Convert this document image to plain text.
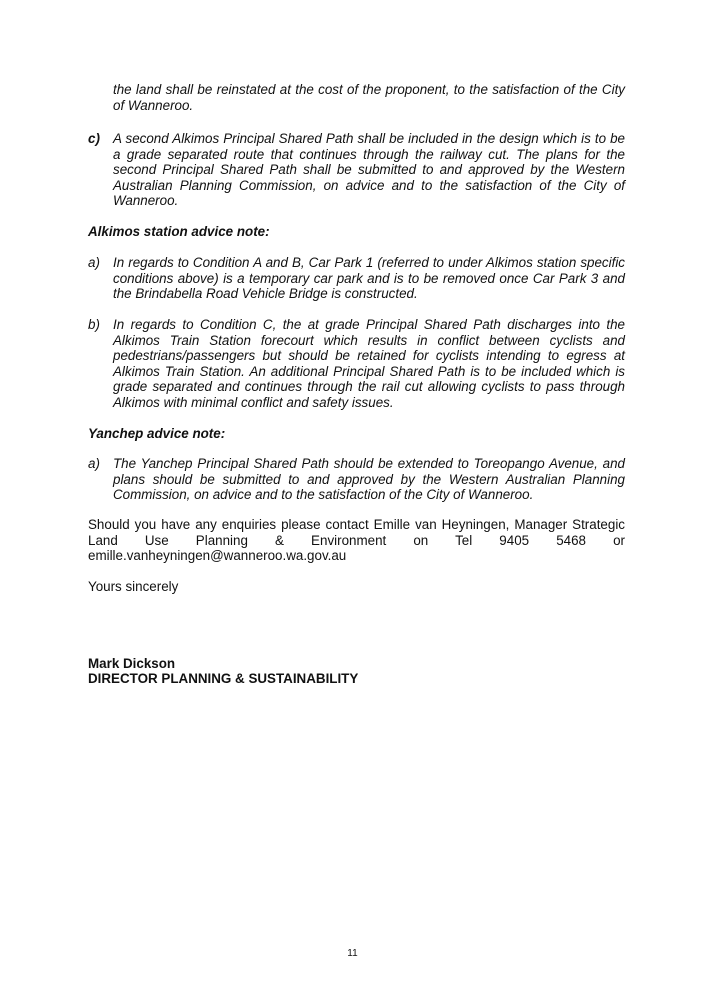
the land shall be reinstated at the cost of the proponent, to the satisfaction of the City of Wanneroo.
c) A second Alkimos Principal Shared Path shall be included in the design which is to be a grade separated route that continues through the railway cut. The plans for the second Principal Shared Path shall be submitted to and approved by the Western Australian Planning Commission, on advice and to the satisfaction of the City of Wanneroo.
Alkimos station advice note:
a) In regards to Condition A and B, Car Park 1 (referred to under Alkimos station specific conditions above) is a temporary car park and is to be removed once Car Park 3 and the Brindabella Road Vehicle Bridge is constructed.
b) In regards to Condition C, the at grade Principal Shared Path discharges into the Alkimos Train Station forecourt which results in conflict between cyclists and pedestrians/passengers but should be retained for cyclists intending to egress at Alkimos Train Station. An additional Principal Shared Path is to be included which is grade separated and continues through the rail cut allowing cyclists to pass through Alkimos with minimal conflict and safety issues.
Yanchep advice note:
a) The Yanchep Principal Shared Path should be extended to Toreopango Avenue, and plans should be submitted to and approved by the Western Australian Planning Commission, on advice and to the satisfaction of the City of Wanneroo.
Should you have any enquiries please contact Emille van Heyningen, Manager Strategic
Land Use Planning & Environment on Tel 9405 5468 or
emille.vanheyningen@wanneroo.wa.gov.au
Yours sincerely
Mark Dickson
DIRECTOR PLANNING & SUSTAINABILITY
11
